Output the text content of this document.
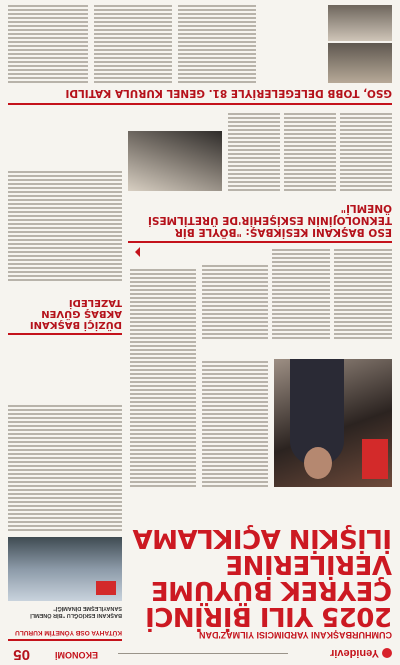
Yenidevir
EKONOMİ
05
CUMHURBAŞKANI YARDIMCISI YILMAZ'DAN
2025 YILI BİRİNCİ ÇEYREK BÜYÜME VERİLERİNE İLİŞKİN AÇIKLAMA
KÜTAHYA OSB YÖNETİM KURULU
BAŞKANI ESKİOĞLU "BİR ÖNEMLİ SANAYİLEŞME DİNAMİĞİ"
DÜZİÇİ BAŞKANI AKBAŞ GÜVEN TAZELEDİ
ESO BAŞKANI KESİKBAŞ: "BÖYLE BİR TEKNOLOJİNİN ESKİŞEHİR'DE ÜRETİLMESİ ÖNEMLİ"
GSO, TOBB DELEGELERİYLE 81. GENEL KURULA KATILDI
